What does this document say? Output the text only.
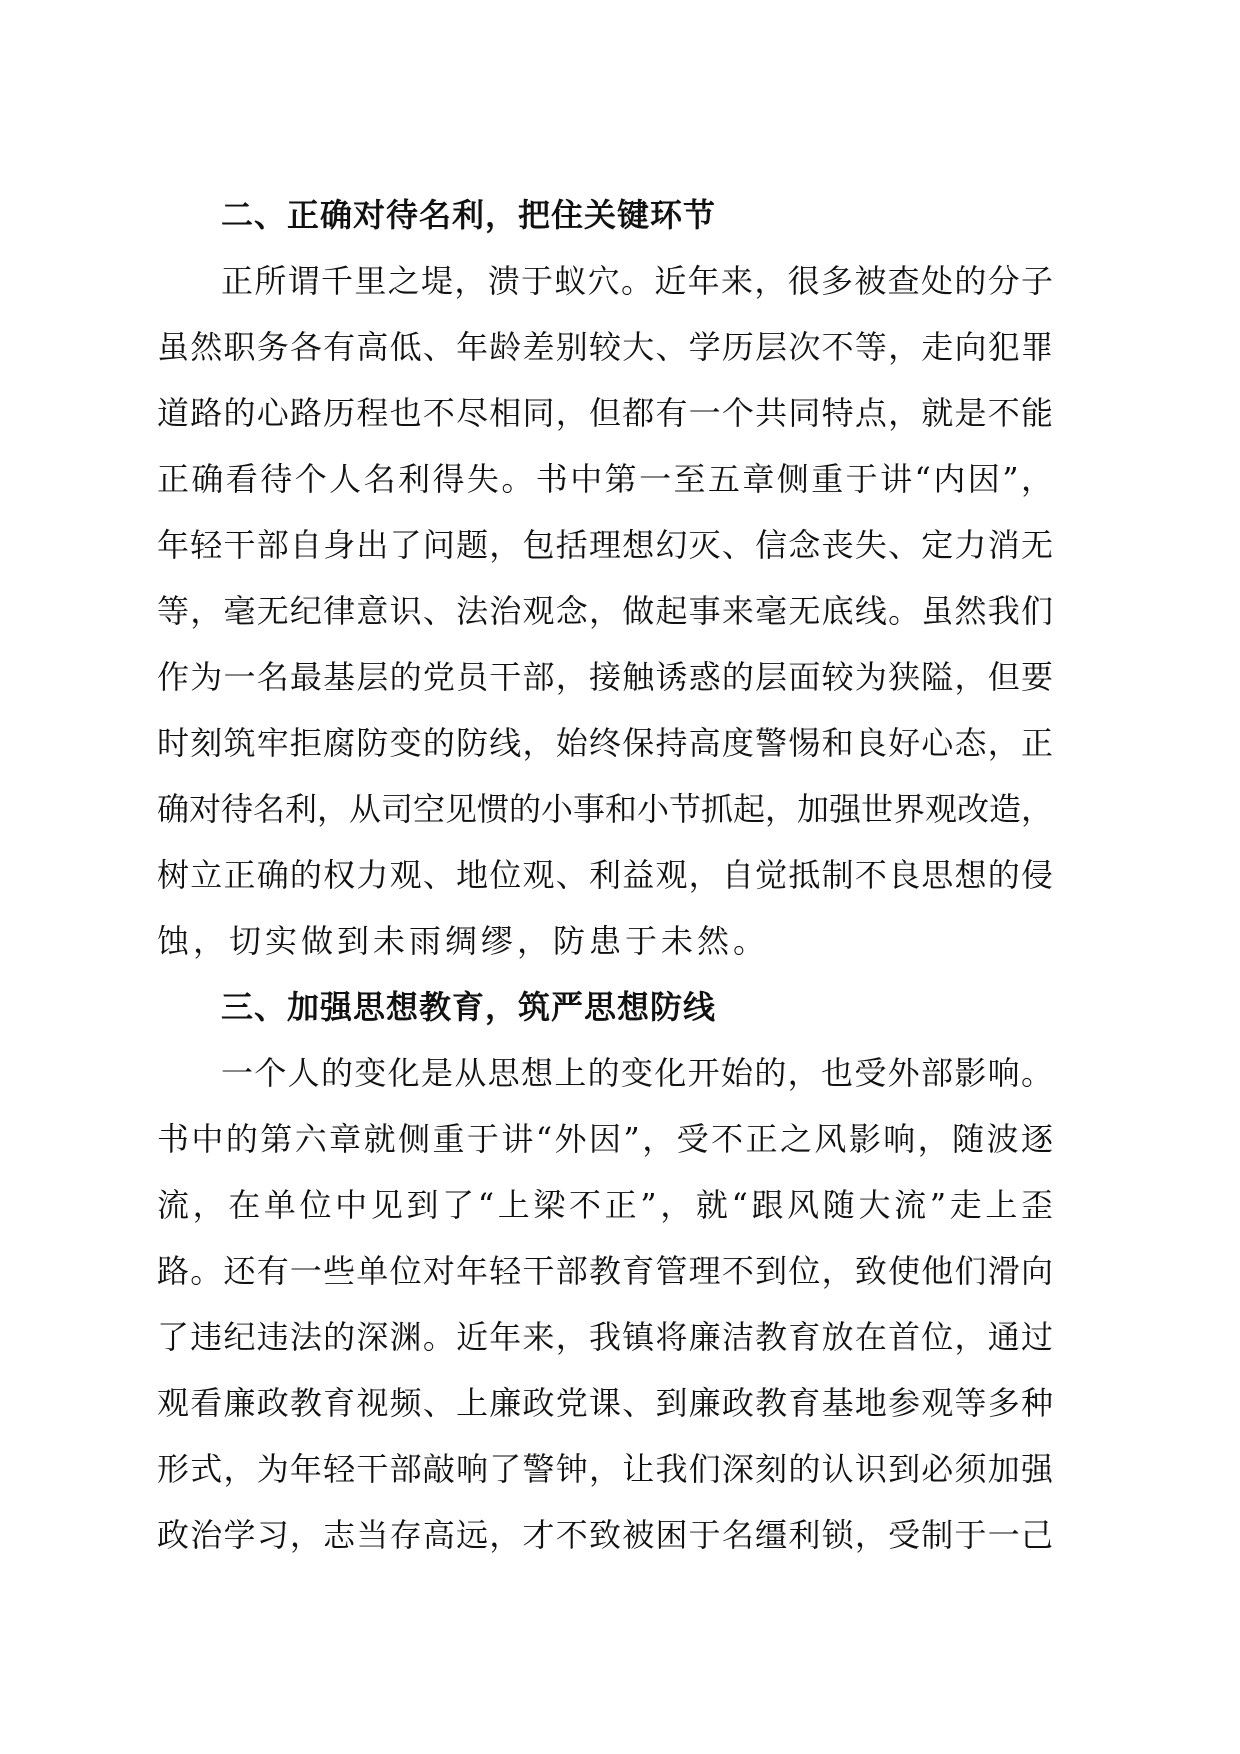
二、正确对待名利，把住关键环节

正所谓千里之堤，溃于蚁穴。近年来，很多被查处的分子

虽然职务各有高低、年龄差别较大、学历层次不等，走向犯罪

道路的心路历程也不尽相同，但都有一个共同特点，就是不能

正确看待个人名利得失。书中第一至五章侧重于讲“内因”，

年轻干部自身出了问题，包括理想幻灭、信念丧失、定力消无

等，毫无纪律意识、法治观念，做起事来毫无底线。虽然我们

作为一名最基层的党员干部，接触诱惑的层面较为狭隘，但要

时刻筑牢拒腐防变的防线，始终保持高度警惕和良好心态，正

确对待名利，从司空见惯的小事和小节抓起，加强世界观改造，

树立正确的权力观、地位观、利益观，自觉抵制不良思想的侵

蚀，切实做到未雨绸缪，防患于未然。

三、加强思想教育，筑严思想防线

一个人的变化是从思想上的变化开始的，也受外部影响。

书中的第六章就侧重于讲“外因”，受不正之风影响，随波逐

流，在单位中见到了“上梁不正”，就“跟风随大流”走上歪

路。还有一些单位对年轻干部教育管理不到位，致使他们滑向

了违纪违法的深渊。近年来，我镇将廉洁教育放在首位，通过

观看廉政教育视频、上廉政党课、到廉政教育基地参观等多种

形式，为年轻干部敲响了警钟，让我们深刻的认识到必须加强

政治学习，志当存高远，才不致被困于名缰利锁，受制于一己
